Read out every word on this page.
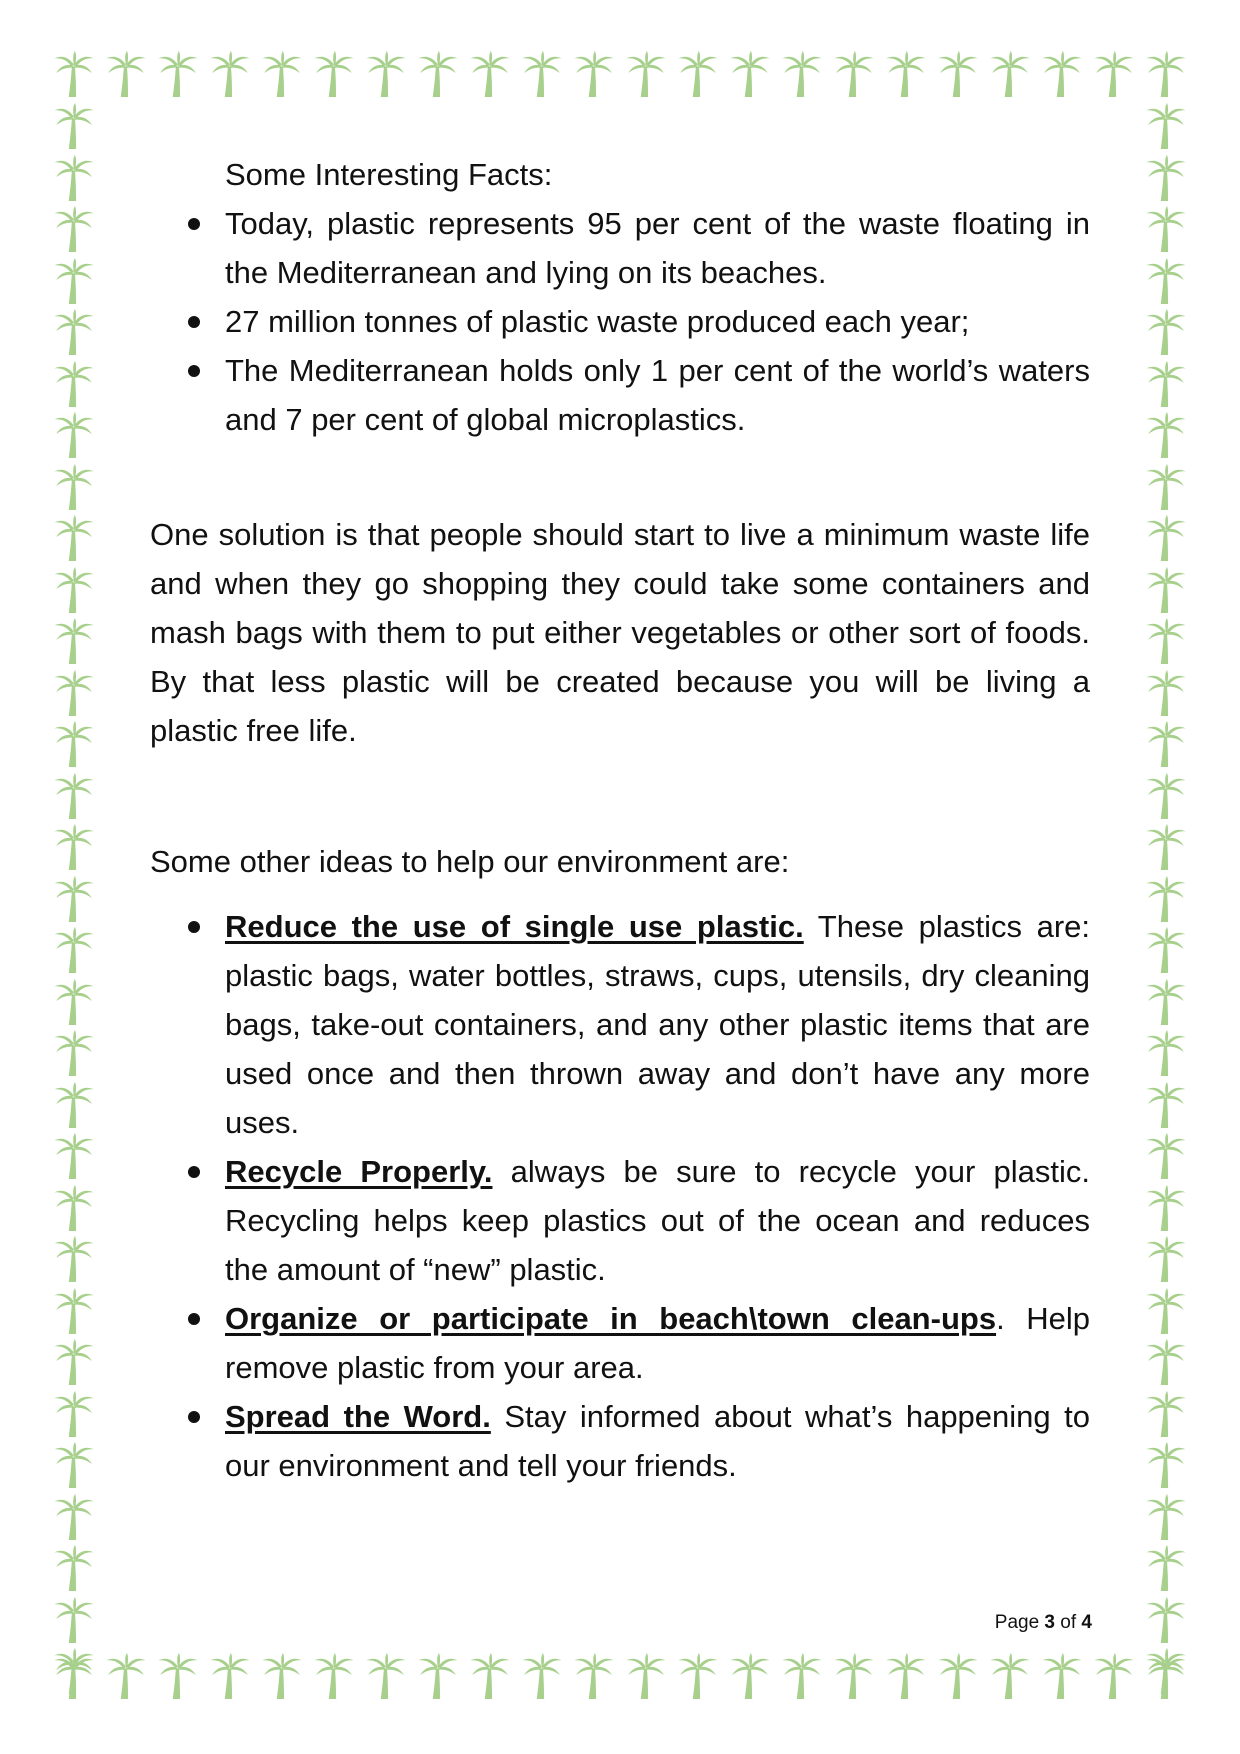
Some Interesting Facts:
Today, plastic represents 95 per cent of the waste floating in the Mediterranean and lying on its beaches.
27 million tonnes of plastic waste produced each year;
The Mediterranean holds only 1 per cent of the world’s waters and 7 per cent of global microplastics.

One solution is that people should start to live a minimum waste life and when they go shopping they could take some containers and mash bags with them to put either vegetables or other sort of foods. By that less plastic will be created because you will be living a plastic free life.

Some other ideas to help our environment are:
Reduce the use of single use plastic. These plastics are: plastic bags, water bottles, straws, cups, utensils, dry cleaning bags, take-out containers, and any other plastic items that are used once and then thrown away and don’t have any more uses.
Recycle Properly. always be sure to recycle your plastic. Recycling helps keep plastics out of the ocean and reduces the amount of “new” plastic.
Organize or participate in beach\town clean-ups. Help remove plastic from your area.
Spread the Word. Stay informed about what’s happening to our environment and tell your friends.
Page 3 of 4
